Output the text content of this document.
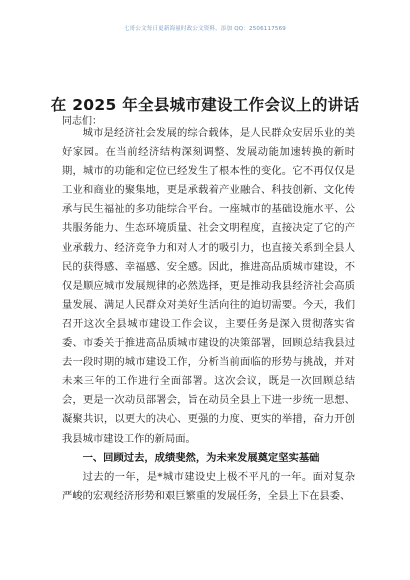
七哥公文每日更新海量时政公文资料，添加 QQ：2506117569
在 2025 年全县城市建设工作会议上的讲话
同志们：

城市是经济社会发展的综合载体，是人民群众安居乐业的美好家园。在当前经济结构深刻调整、发展动能加速转换的新时期，城市的功能和定位已经发生了根本性的变化。它不再仅仅是工业和商业的聚集地，更是承载着产业融合、科技创新、文化传承与民生福祉的多功能综合平台。一座城市的基础设施水平、公共服务能力、生态环境质量、社会文明程度，直接决定了它的产业承载力、经济竞争力和对人才的吸引力，也直接关系到全县人民的获得感、幸福感、安全感。因此，推进高品质城市建设，不仅是顺应城市发展规律的必然选择，更是推动我县经济社会高质量发展、满足人民群众对美好生活向往的迫切需要。今天，我们召开这次全县城市建设工作会议，主要任务是深入贯彻落实省委、市委关于推进高品质城市建设的决策部署，回顾总结我县过去一段时期的城市建设工作，分析当前面临的形势与挑战，并对未来三年的工作进行全面部署。这次会议，既是一次回顾总结会，更是一次动员部署会，旨在动员全县上下进一步统一思想、凝聚共识，以更大的决心、更强的力度、更实的举措，奋力开创我县城市建设工作的新局面。

一、回顾过去，成绩斐然，为未来发展奠定坚实基础

过去的一年，是*城市建设史上极不平凡的一年。面对复杂严峻的宏观经济形势和艰巨繁重的发展任务，全县上下在县委、
